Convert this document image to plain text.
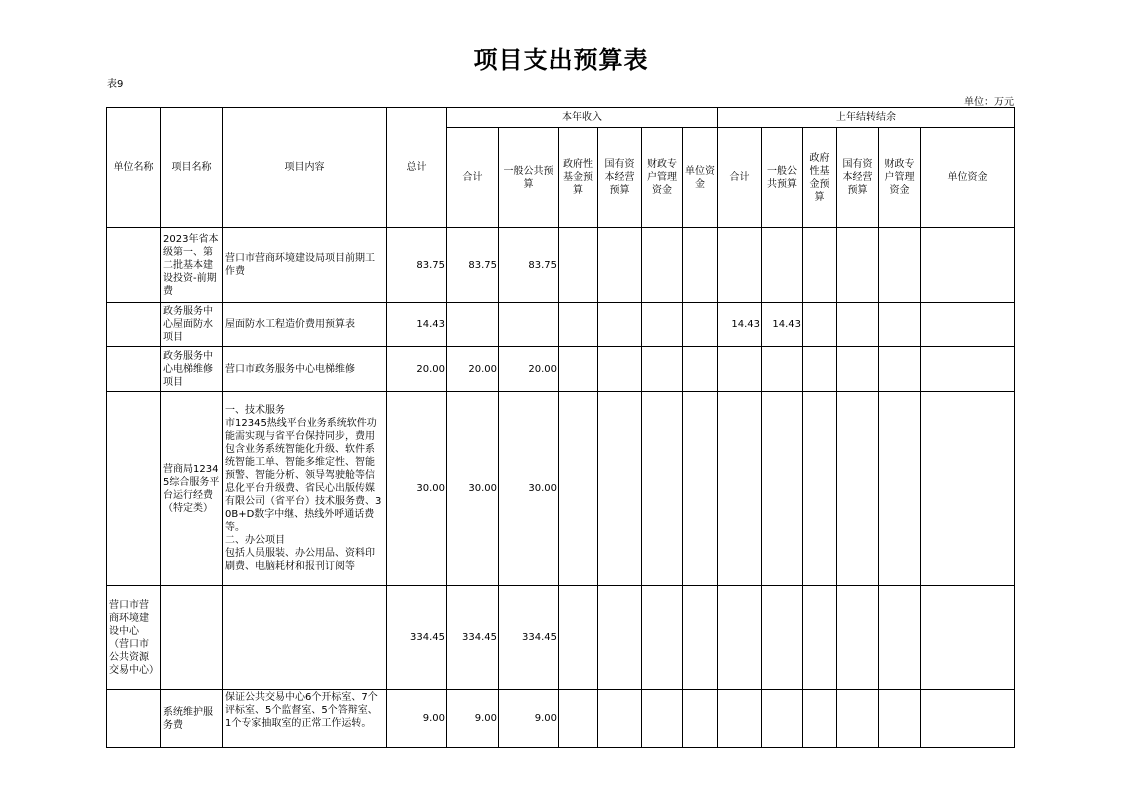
项目支出预算表
表9
单位：万元
单位名称	项目名称	项目内容	总计	本年收入						上年结转结余					
				合计	一般公共预算	政府性基金预算	国有资本经营预算	财政专户管理资金	单位资金	合计	一般公共预算	政府性基金预算	国有资本经营预算	财政专户管理资金	单位资金
	2023年省本级第一、第二批基本建设投资-前期费	营口市营商环境建设局项目前期工作费	83.75	83.75	83.75										
	政务服务中心屋面防水项目	屋面防水工程造价费用预算表	14.43							14.43	14.43				
	政务服务中心电梯维修项目	营口市政务服务中心电梯维修	20.00	20.00	20.00										
	营商局12345综合服务平台运行经费（特定类）	一、技术服务
市12345热线平台业务系统软件功能需实现与省平台保持同步，费用包含业务系统智能化升级、软件系统智能工单、智能多维定性、智能预警、智能分析、领导驾驶舱等信息化平台升级费、省民心出版传媒有限公司（省平台）技术服务费、30B+D数字中继、热线外呼通话费等。
二、办公项目
包括人员服装、办公用品、资料印刷费、电脑耗材和报刊订阅等	30.00	30.00	30.00										
营口市营商环境建设中心（营口市公共资源交易中心）			334.45	334.45	334.45										
	系统维护服务费	保证公共交易中心6个开标室、7个评标室、5个监督室、5个答辩室、1个专家抽取室的正常工作运转。	9.00	9.00	9.00										
